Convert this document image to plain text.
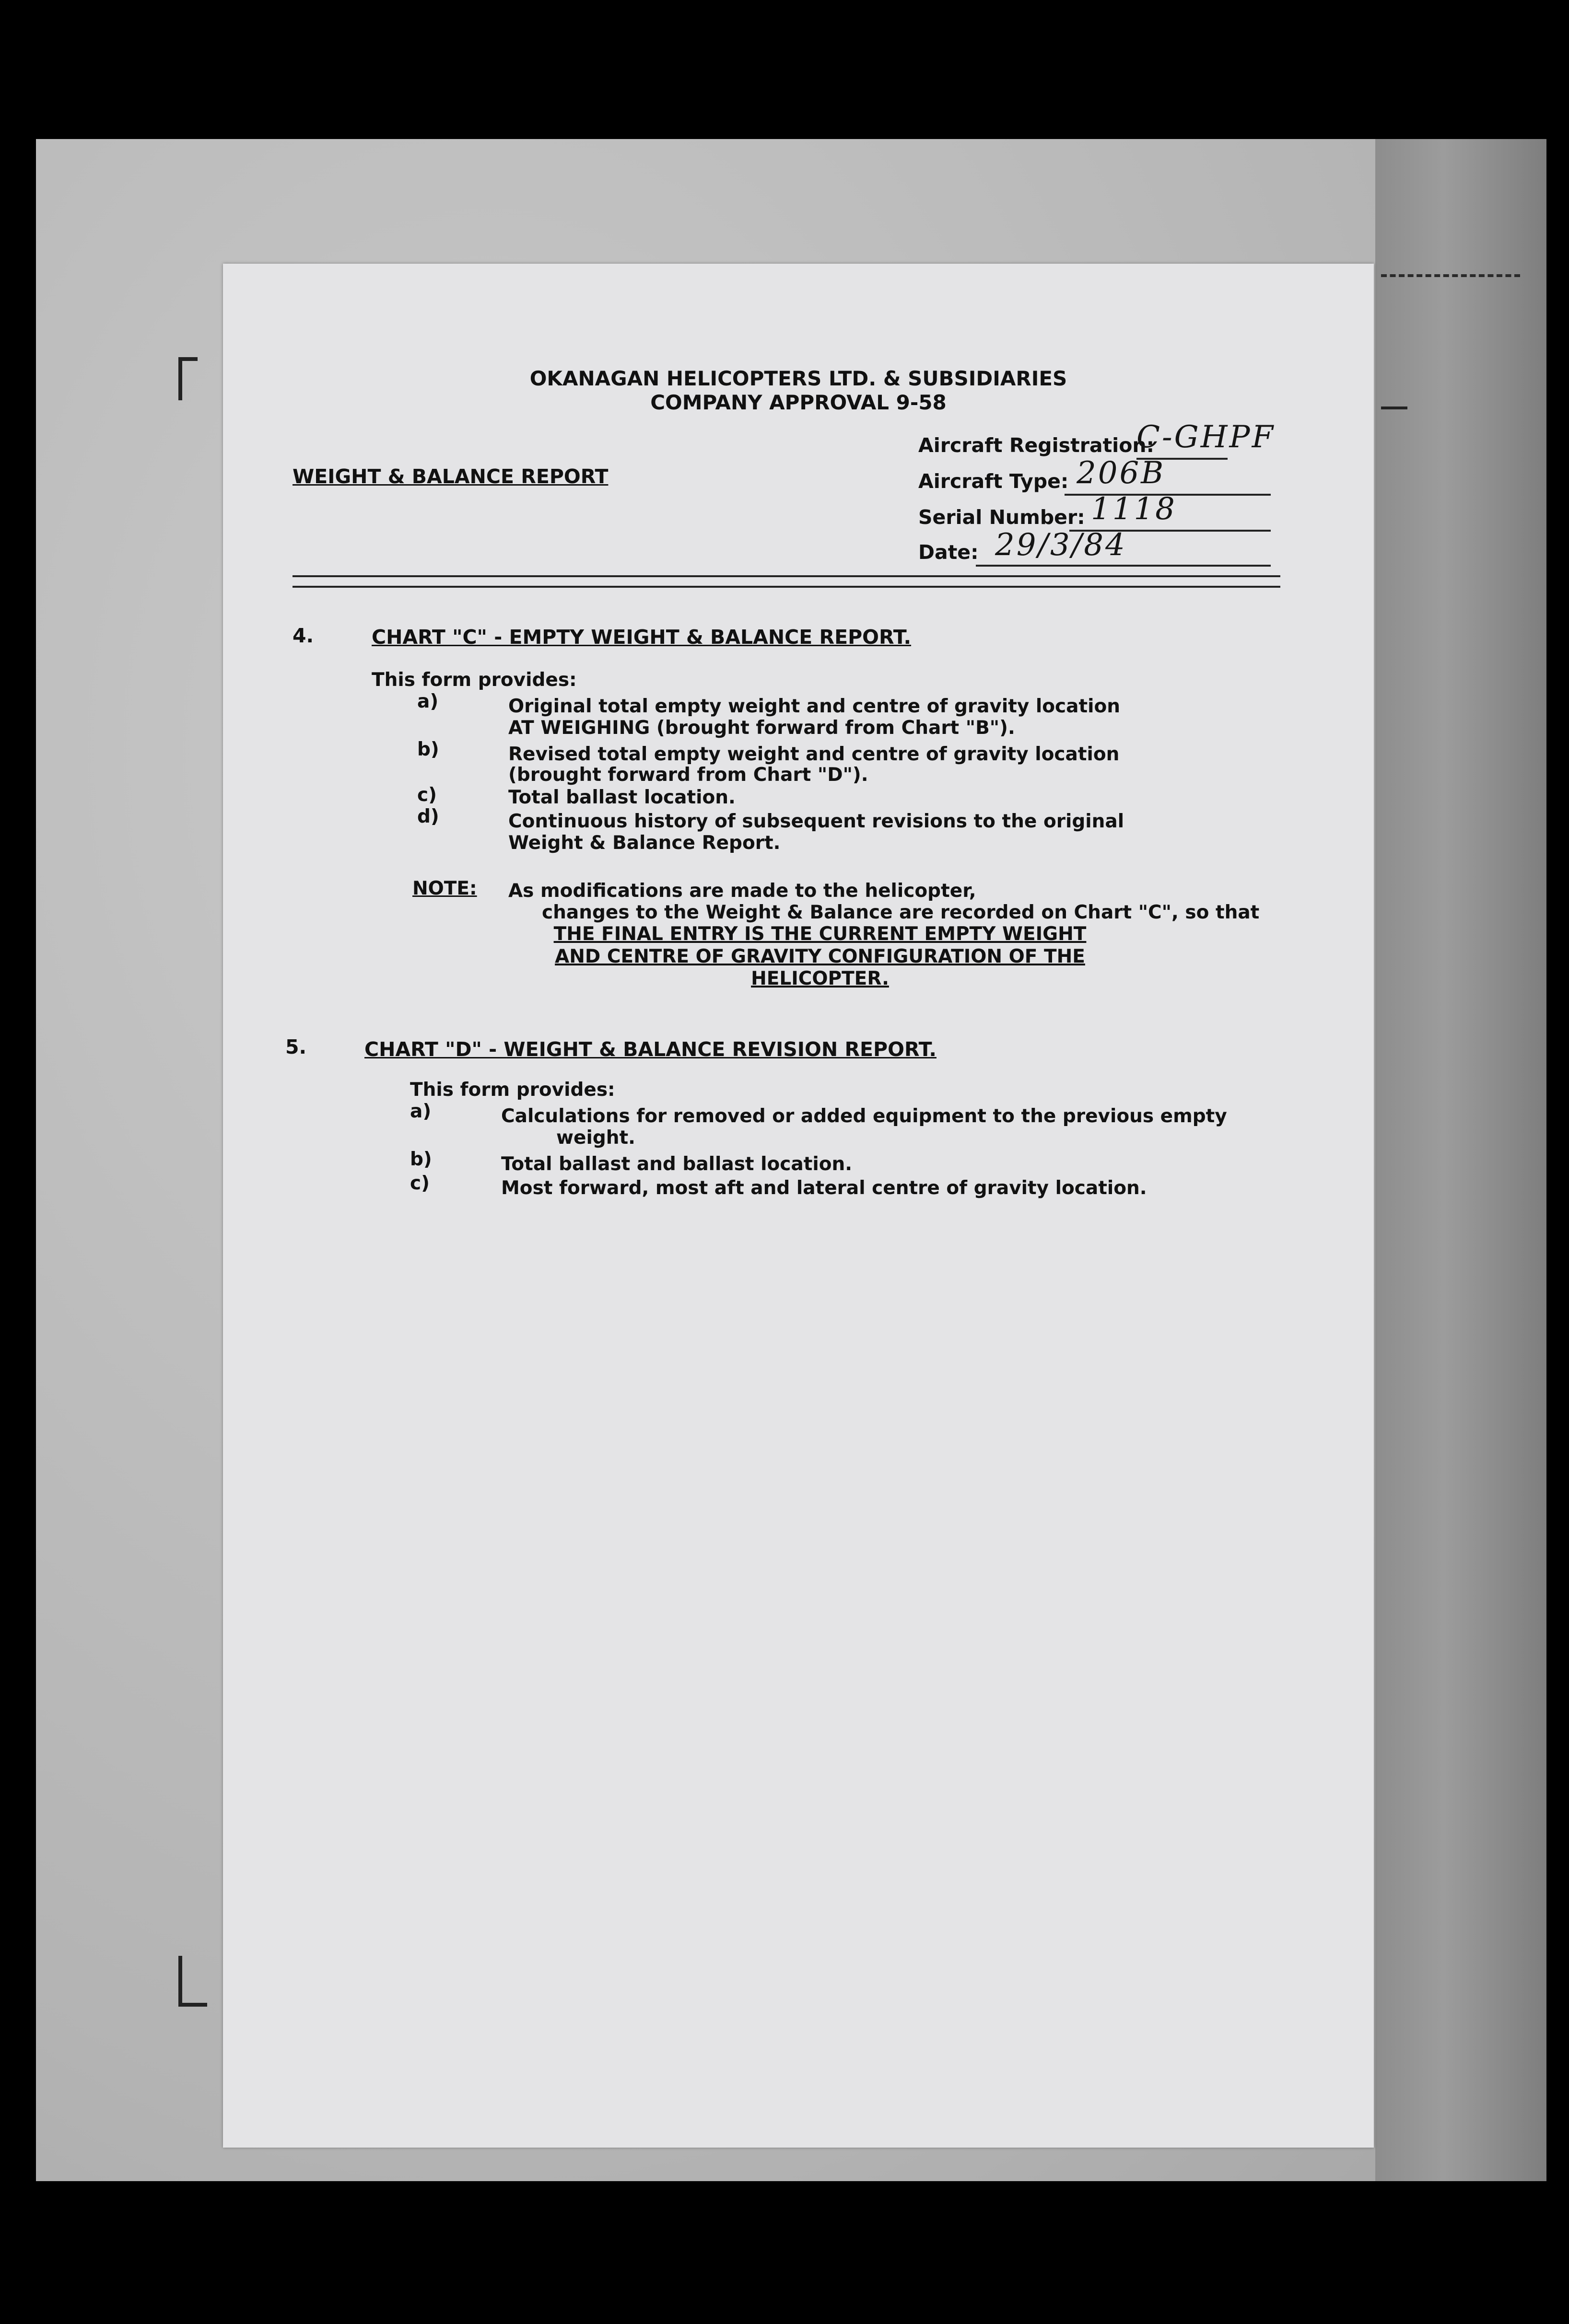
OKANAGAN HELICOPTERS LTD. & SUBSIDIARIES
COMPANY APPROVAL 9-58
WEIGHT & BALANCE REPORT
Aircraft Registration:
C-GHPF
Aircraft Type: 206B
Serial Number: 1118
Date: 29/3/84
4.	CHART "C" - EMPTY WEIGHT & BALANCE REPORT.
This form provides:
a)	Original total empty weight and centre of gravity location
AT WEIGHING (brought forward from Chart "B").
b)	Revised total empty weight and centre of gravity location
(brought forward from Chart "D").
c)	Total ballast location.
d)	Continuous history of subsequent revisions to the original
Weight & Balance Report.
NOTE: As modifications are made to the helicopter,
changes to the Weight & Balance are recorded on Chart "C", so that
THE FINAL ENTRY IS THE CURRENT EMPTY WEIGHT
AND CENTRE OF GRAVITY CONFIGURATION OF THE
HELICOPTER.
5.	CHART "D" - WEIGHT & BALANCE REVISION REPORT.
This form provides:
a)	Calculations for removed or added equipment to the previous empty
weight.
b)	Total ballast and ballast location.
c)	Most forward, most aft and lateral centre of gravity location.
